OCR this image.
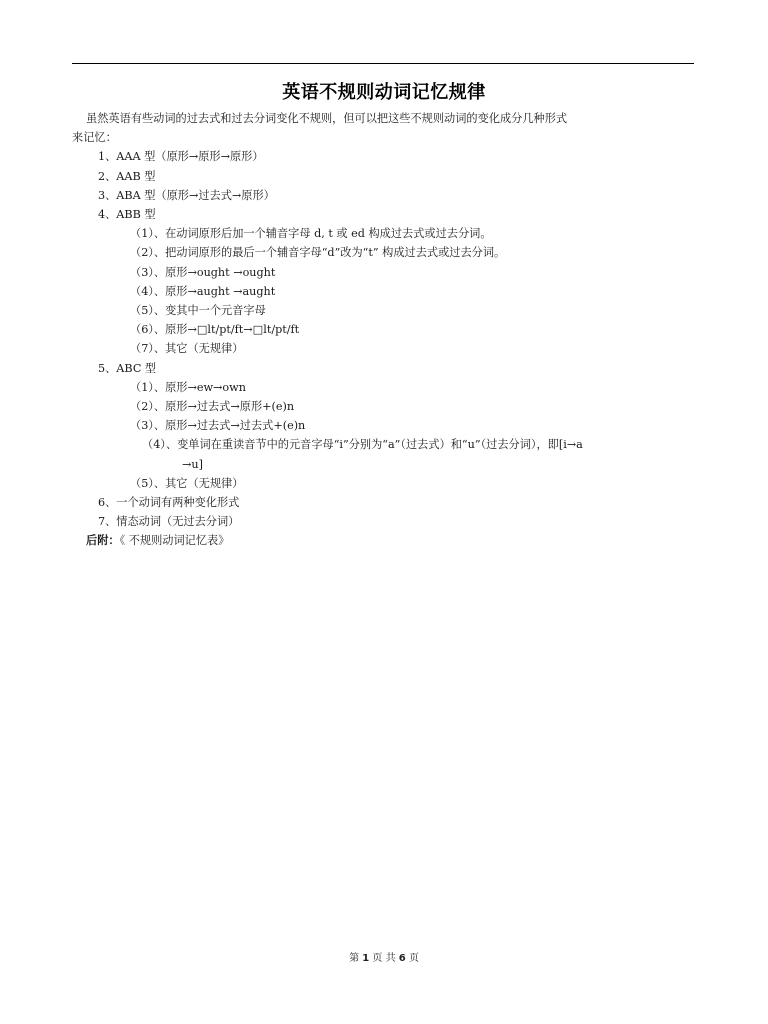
英语不规则动词记忆规律
虽然英语有些动词的过去式和过去分词变化不规则，但可以把这些不规则动词的变化成分几种形式
来记忆：
1、AAA 型（原形→原形→原形）
2、AAB 型
3、ABA 型（原形→过去式→原形）
4、ABB 型
（1）、在动词原形后加一个辅音字母 d, t 或 ed 构成过去式或过去分词。
（2）、把动词原形的最后一个辅音字母“d”改为“t” 构成过去式或过去分词。
（3）、原形→ought →ought
（4）、原形→aught →aught
（5）、变其中一个元音字母
（6）、原形→□lt/pt/ft→□lt/pt/ft
（7）、其它（无规律）
5、ABC 型
（1）、原形→ew→own
（2）、原形→过去式→原形+(e)n
（3）、原形→过去式→过去式+(e)n
（4）、变单词在重读音节中的元音字母“i”分别为“a”（过去式）和“u”（过去分词），即[i→a
→u]
（5）、其它（无规律）
6、一个动词有两种变化形式
7、情态动词（无过去分词）
后附：《 不规则动词记忆表》
第 1 页 共 6 页
